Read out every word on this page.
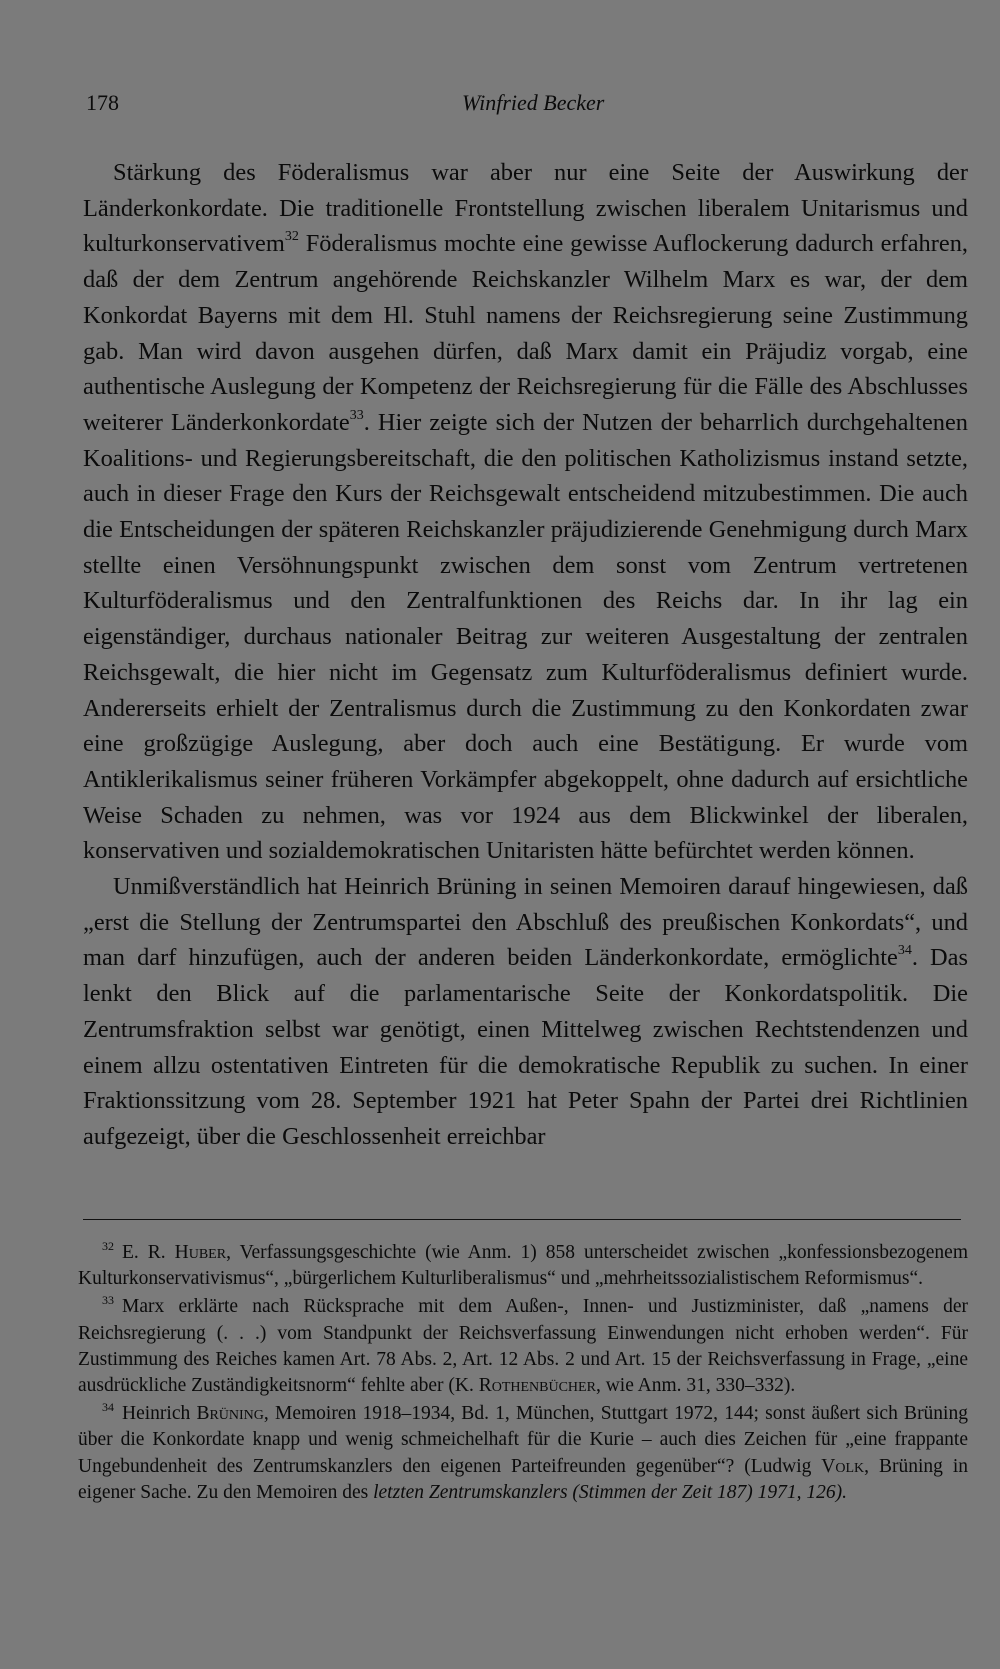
178	Winfried Becker

Stärkung des Föderalismus war aber nur eine Seite der Auswirkung der Länderkonkordate. Die traditionelle Frontstellung zwischen liberalem Unitarismus und kulturkonservativem$^{32}$ Föderalismus mochte eine gewisse Auflockerung dadurch erfahren, daß der dem Zentrum angehörende Reichskanzler Wilhelm Marx es war, der dem Konkordat Bayerns mit dem Hl. Stuhl namens der Reichsregierung seine Zustimmung gab. Man wird davon ausgehen dürfen, daß Marx damit ein Präjudiz vorgab, eine authentische Auslegung der Kompetenz der Reichsregierung für die Fälle des Abschlusses weiterer Länderkonkordate$^{33}$. Hier zeigte sich der Nutzen der beharrlich durchgehaltenen Koalitions- und Regierungsbereitschaft, die den politischen Katholizismus instand setzte, auch in dieser Frage den Kurs der Reichsgewalt entscheidend mitzubestimmen. Die auch die Entscheidungen der späteren Reichskanzler präjudizierende Genehmigung durch Marx stellte einen Versöhnungspunkt zwischen dem sonst vom Zentrum vertretenen Kulturföderalismus und den Zentralfunktionen des Reichs dar. In ihr lag ein eigenständiger, durchaus nationaler Beitrag zur weiteren Ausgestaltung der zentralen Reichsgewalt, die hier nicht im Gegensatz zum Kulturföderalismus definiert wurde. Andererseits erhielt der Zentralismus durch die Zustimmung zu den Konkordaten zwar eine großzügige Auslegung, aber doch auch eine Bestätigung. Er wurde vom Antiklerikalismus seiner früheren Vorkämpfer abgekoppelt, ohne dadurch auf ersichtliche Weise Schaden zu nehmen, was vor 1924 aus dem Blickwinkel der liberalen, konservativen und sozialdemokratischen Unitaristen hätte befürchtet werden können.

Unmißverständlich hat Heinrich Brüning in seinen Memoiren darauf hingewiesen, daß „erst die Stellung der Zentrumspartei den Abschluß des preußischen Konkordats“, und man darf hinzufügen, auch der anderen beiden Länderkonkordate, ermöglichte$^{34}$. Das lenkt den Blick auf die parlamentarische Seite der Konkordatspolitik. Die Zentrumsfraktion selbst war genötigt, einen Mittelweg zwischen Rechtstendenzen und einem allzu ostentativen Eintreten für die demokratische Republik zu suchen. In einer Fraktionssitzung vom 28. September 1921 hat Peter Spahn der Partei drei Richtlinien aufgezeigt, über die Geschlossenheit erreichbar

$^{32}$ E. R. Huber, Verfassungsgeschichte (wie Anm. 1) 858 unterscheidet zwischen „konfessionsbezogenem Kulturkonservativismus“, „bürgerlichem Kulturliberalismus“ und „mehrheitssozialistischem Reformismus“.

$^{33}$ Marx erklärte nach Rücksprache mit dem Außen-, Innen- und Justizminister, daß „namens der Reichsregierung (. . .) vom Standpunkt der Reichsverfassung Einwendungen nicht erhoben werden“. Für Zustimmung des Reiches kamen Art. 78 Abs. 2, Art. 12 Abs. 2 und Art. 15 der Reichsverfassung in Frage, „eine ausdrückliche Zuständigkeitsnorm“ fehlte aber (K. Rothenbücher, wie Anm. 31, 330–332).

$^{34}$ Heinrich Brüning, Memoiren 1918–1934, Bd. 1, München, Stuttgart 1972, 144; sonst äußert sich Brüning über die Konkordate knapp und wenig schmeichelhaft für die Kurie – auch dies Zeichen für „eine frappante Ungebundenheit des Zentrumskanzlers den eigenen Parteifreunden gegenüber“? (Ludwig Volk, Brüning in eigener Sache. Zu den Memoiren des letzten Zentrumskanzlers (Stimmen der Zeit 187) 1971, 126).
